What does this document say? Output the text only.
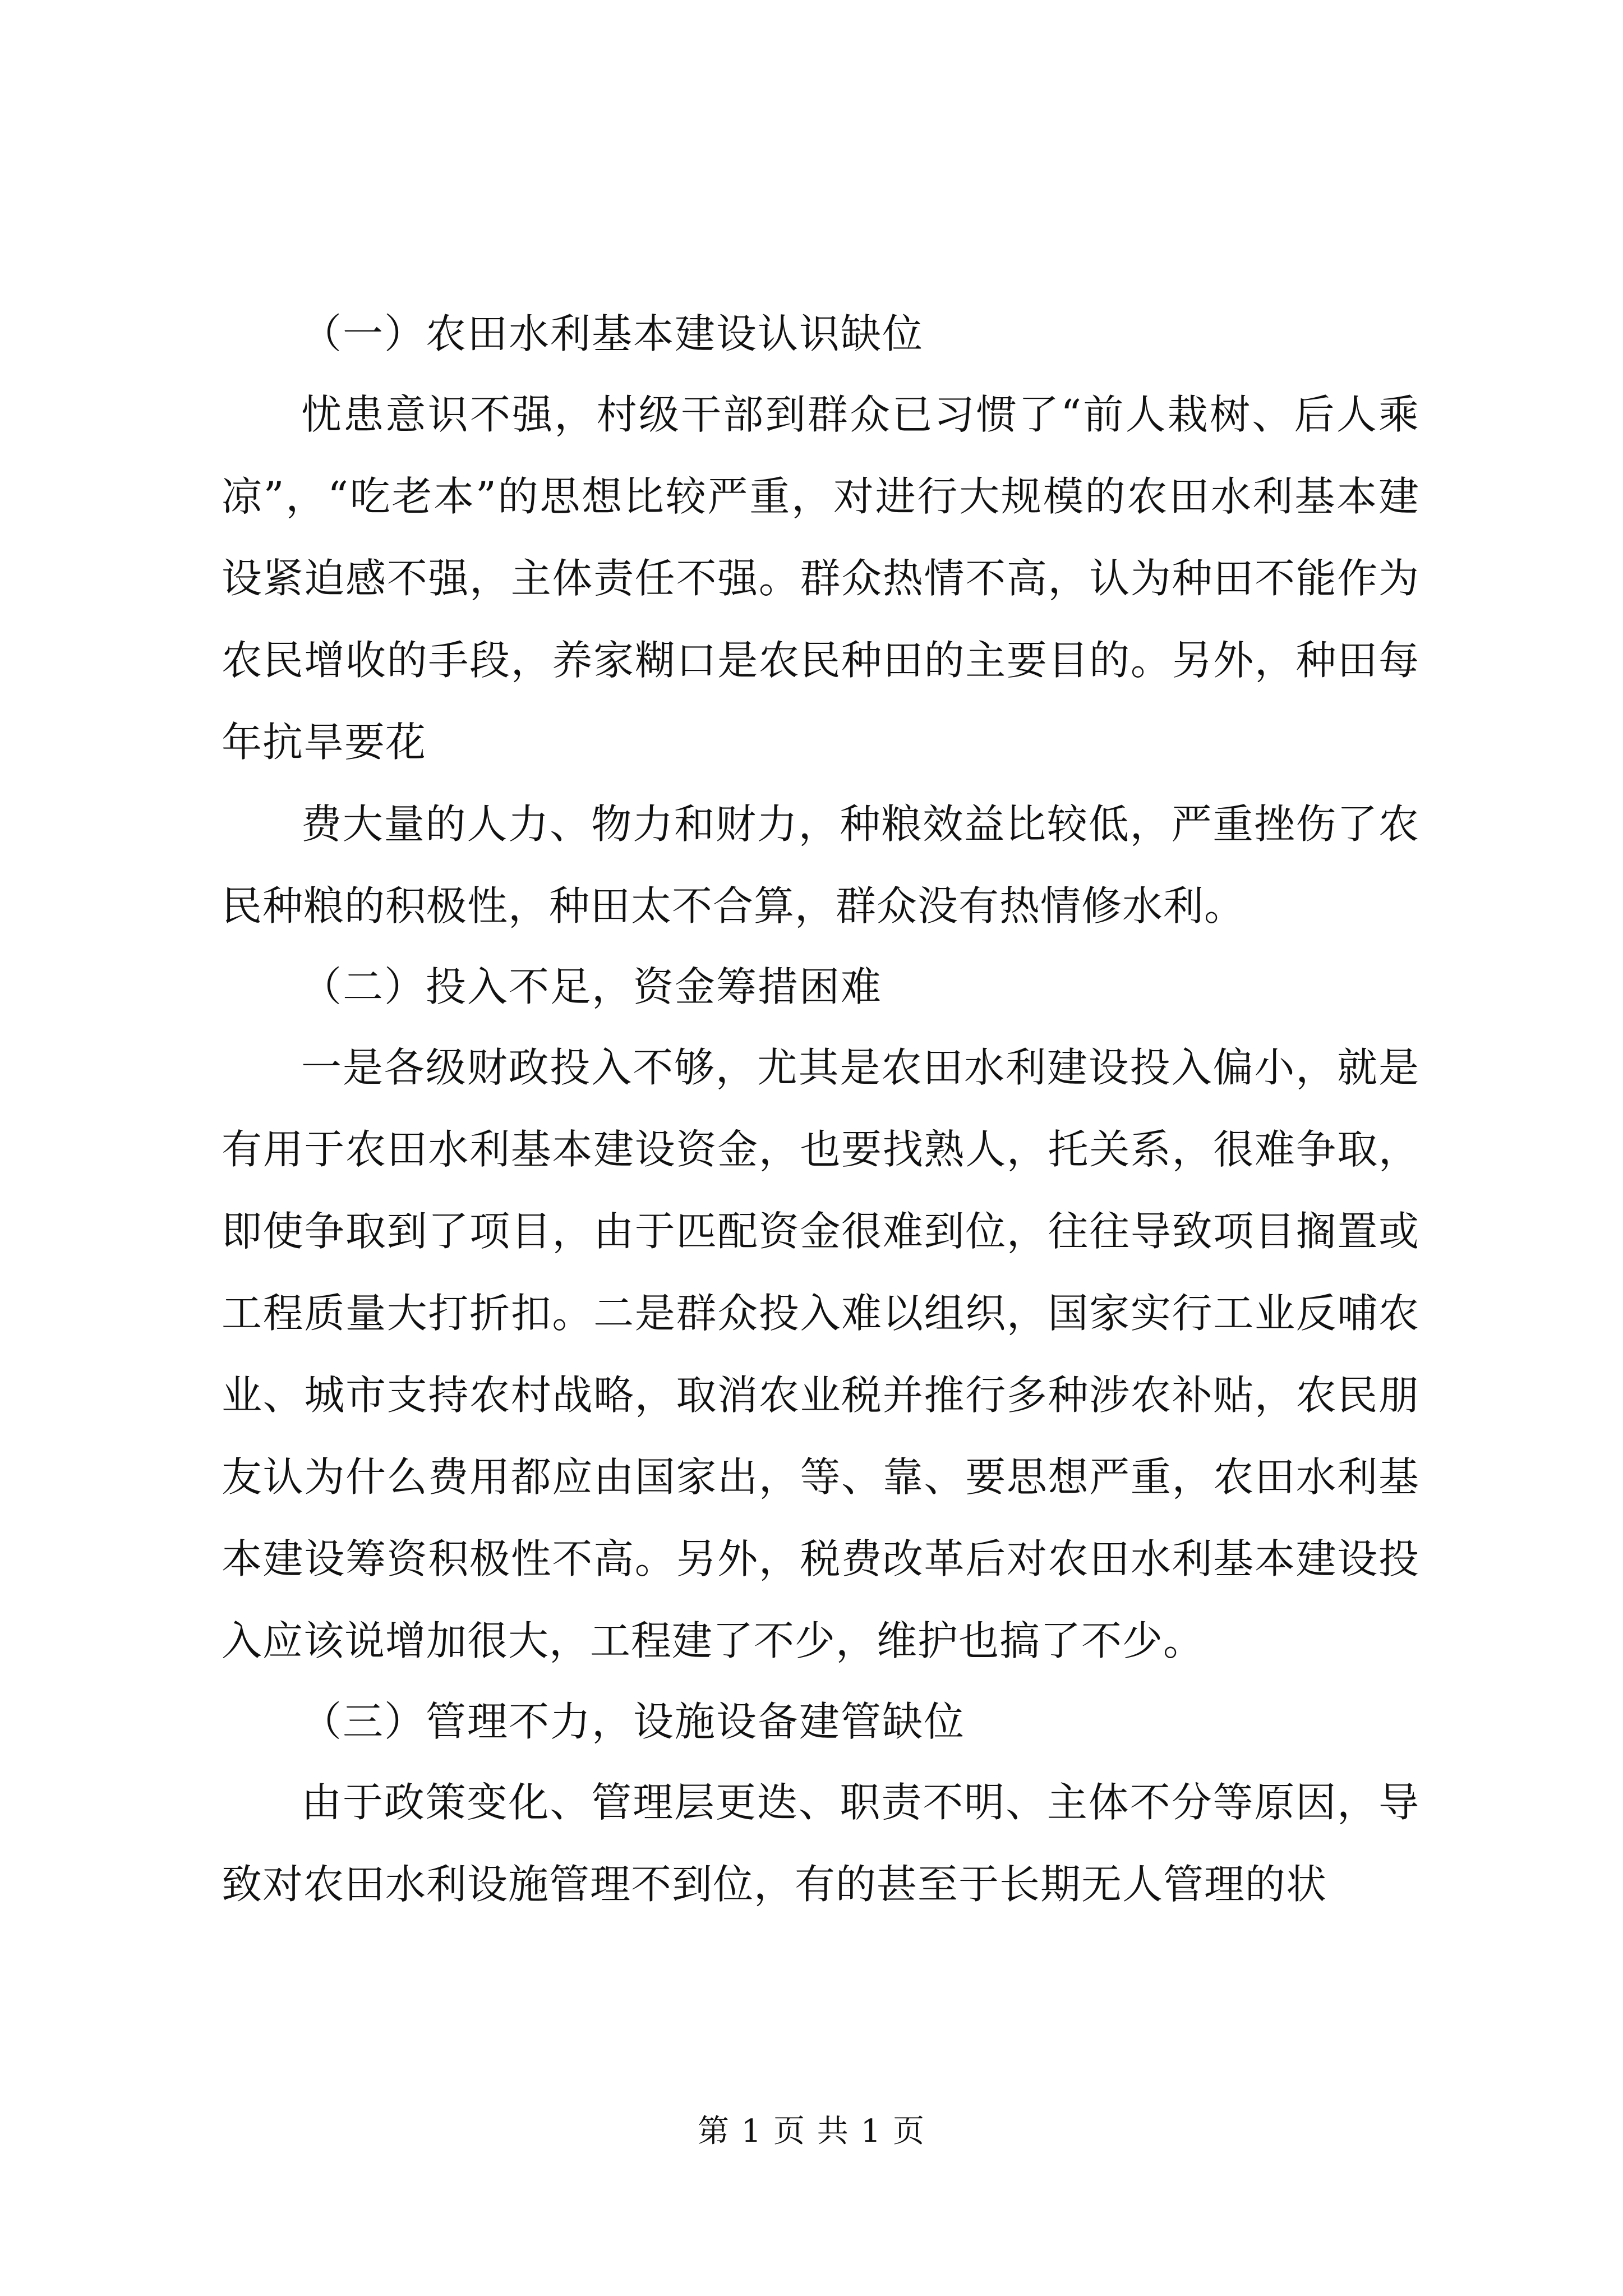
（一）农田水利基本建设认识缺位

忧患意识不强，村级干部到群众已习惯了“前人栽树、后人乘凉”，“吃老本”的思想比较严重，对进行大规模的农田水利基本建设紧迫感不强，主体责任不强。群众热情不高，认为种田不能作为农民增收的手段，养家糊口是农民种田的主要目的。另外，种田每年抗旱要花

费大量的人力、物力和财力，种粮效益比较低，严重挫伤了农民种粮的积极性，种田太不合算，群众没有热情修水利。

（二）投入不足，资金筹措困难

一是各级财政投入不够，尤其是农田水利建设投入偏小，就是有用于农田水利基本建设资金，也要找熟人，托关系，很难争取，即使争取到了项目，由于匹配资金很难到位，往往导致项目搁置或工程质量大打折扣。二是群众投入难以组织，国家实行工业反哺农业、城市支持农村战略，取消农业税并推行多种涉农补贴，农民朋友认为什么费用都应由国家出，等、靠、要思想严重，农田水利基本建设筹资积极性不高。另外，税费改革后对农田水利基本建设投入应该说增加很大，工程建了不少，维护也搞了不少。

（三）管理不力，设施设备建管缺位

由于政策变化、管理层更迭、职责不明、主体不分等原因，导致对农田水利设施管理不到位，有的甚至于长期无人管理的状

第 1 页 共 1 页
